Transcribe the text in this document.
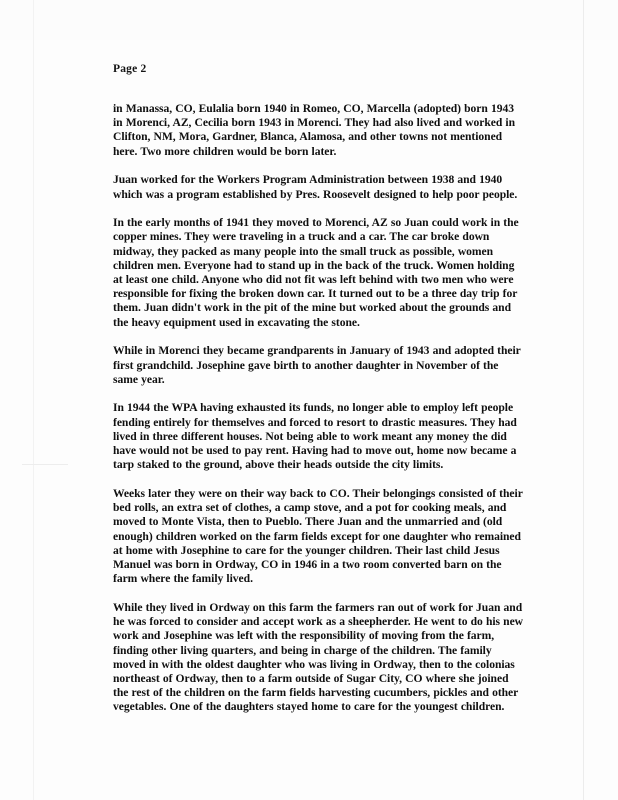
Page 2

in Manassa, CO, Eulalia born 1940 in Romeo, CO, Marcella (adopted) born 1943 in Morenci, AZ, Cecilia born 1943 in Morenci. They had also lived and worked in Clifton, NM, Mora, Gardner, Blanca, Alamosa, and other towns not mentioned here. Two more children would be born later.

Juan worked for the Workers Program Administration between 1938 and 1940 which was a program established by Pres. Roosevelt designed to help poor people.

In the early months of 1941 they moved to Morenci, AZ so Juan could work in the copper mines. They were traveling in a truck and a car. The car broke down midway, they packed as many people into the small truck as possible, women children men. Everyone had to stand up in the back of the truck. Women holding at least one child. Anyone who did not fit was left behind with two men who were responsible for fixing the broken down car. It turned out to be a three day trip for them. Juan didn't work in the pit of the mine but worked about the grounds and the heavy equipment used in excavating the stone.

While in Morenci they became grandparents in January of 1943 and adopted their first grandchild. Josephine gave birth to another daughter in November of the same year.

In 1944 the WPA having exhausted its funds, no longer able to employ left people fending entirely for themselves and forced to resort to drastic measures. They had lived in three different houses. Not being able to work meant any money the did have would not be used to pay rent. Having had to move out, home now became a tarp staked to the ground, above their heads outside the city limits.

Weeks later they were on their way back to CO. Their belongings consisted of their bed rolls, an extra set of clothes, a camp stove, and a pot for cooking meals, and moved to Monte Vista, then to Pueblo. There Juan and the unmarried and (old enough) children worked on the farm fields except for one daughter who remained at home with Josephine to care for the younger children. Their last child Jesus Manuel was born in Ordway, CO in 1946 in a two room converted barn on the farm where the family lived.

While they lived in Ordway on this farm the farmers ran out of work for Juan and he was forced to consider and accept work as a sheepherder. He went to do his new work and Josephine was left with the responsibility of moving from the farm, finding other living quarters, and being in charge of the children. The family moved in with the oldest daughter who was living in Ordway, then to the colonias northeast of Ordway, then to a farm outside of Sugar City, CO where she joined the rest of the children on the farm fields harvesting cucumbers, pickles and other vegetables. One of the daughters stayed home to care for the youngest children.
